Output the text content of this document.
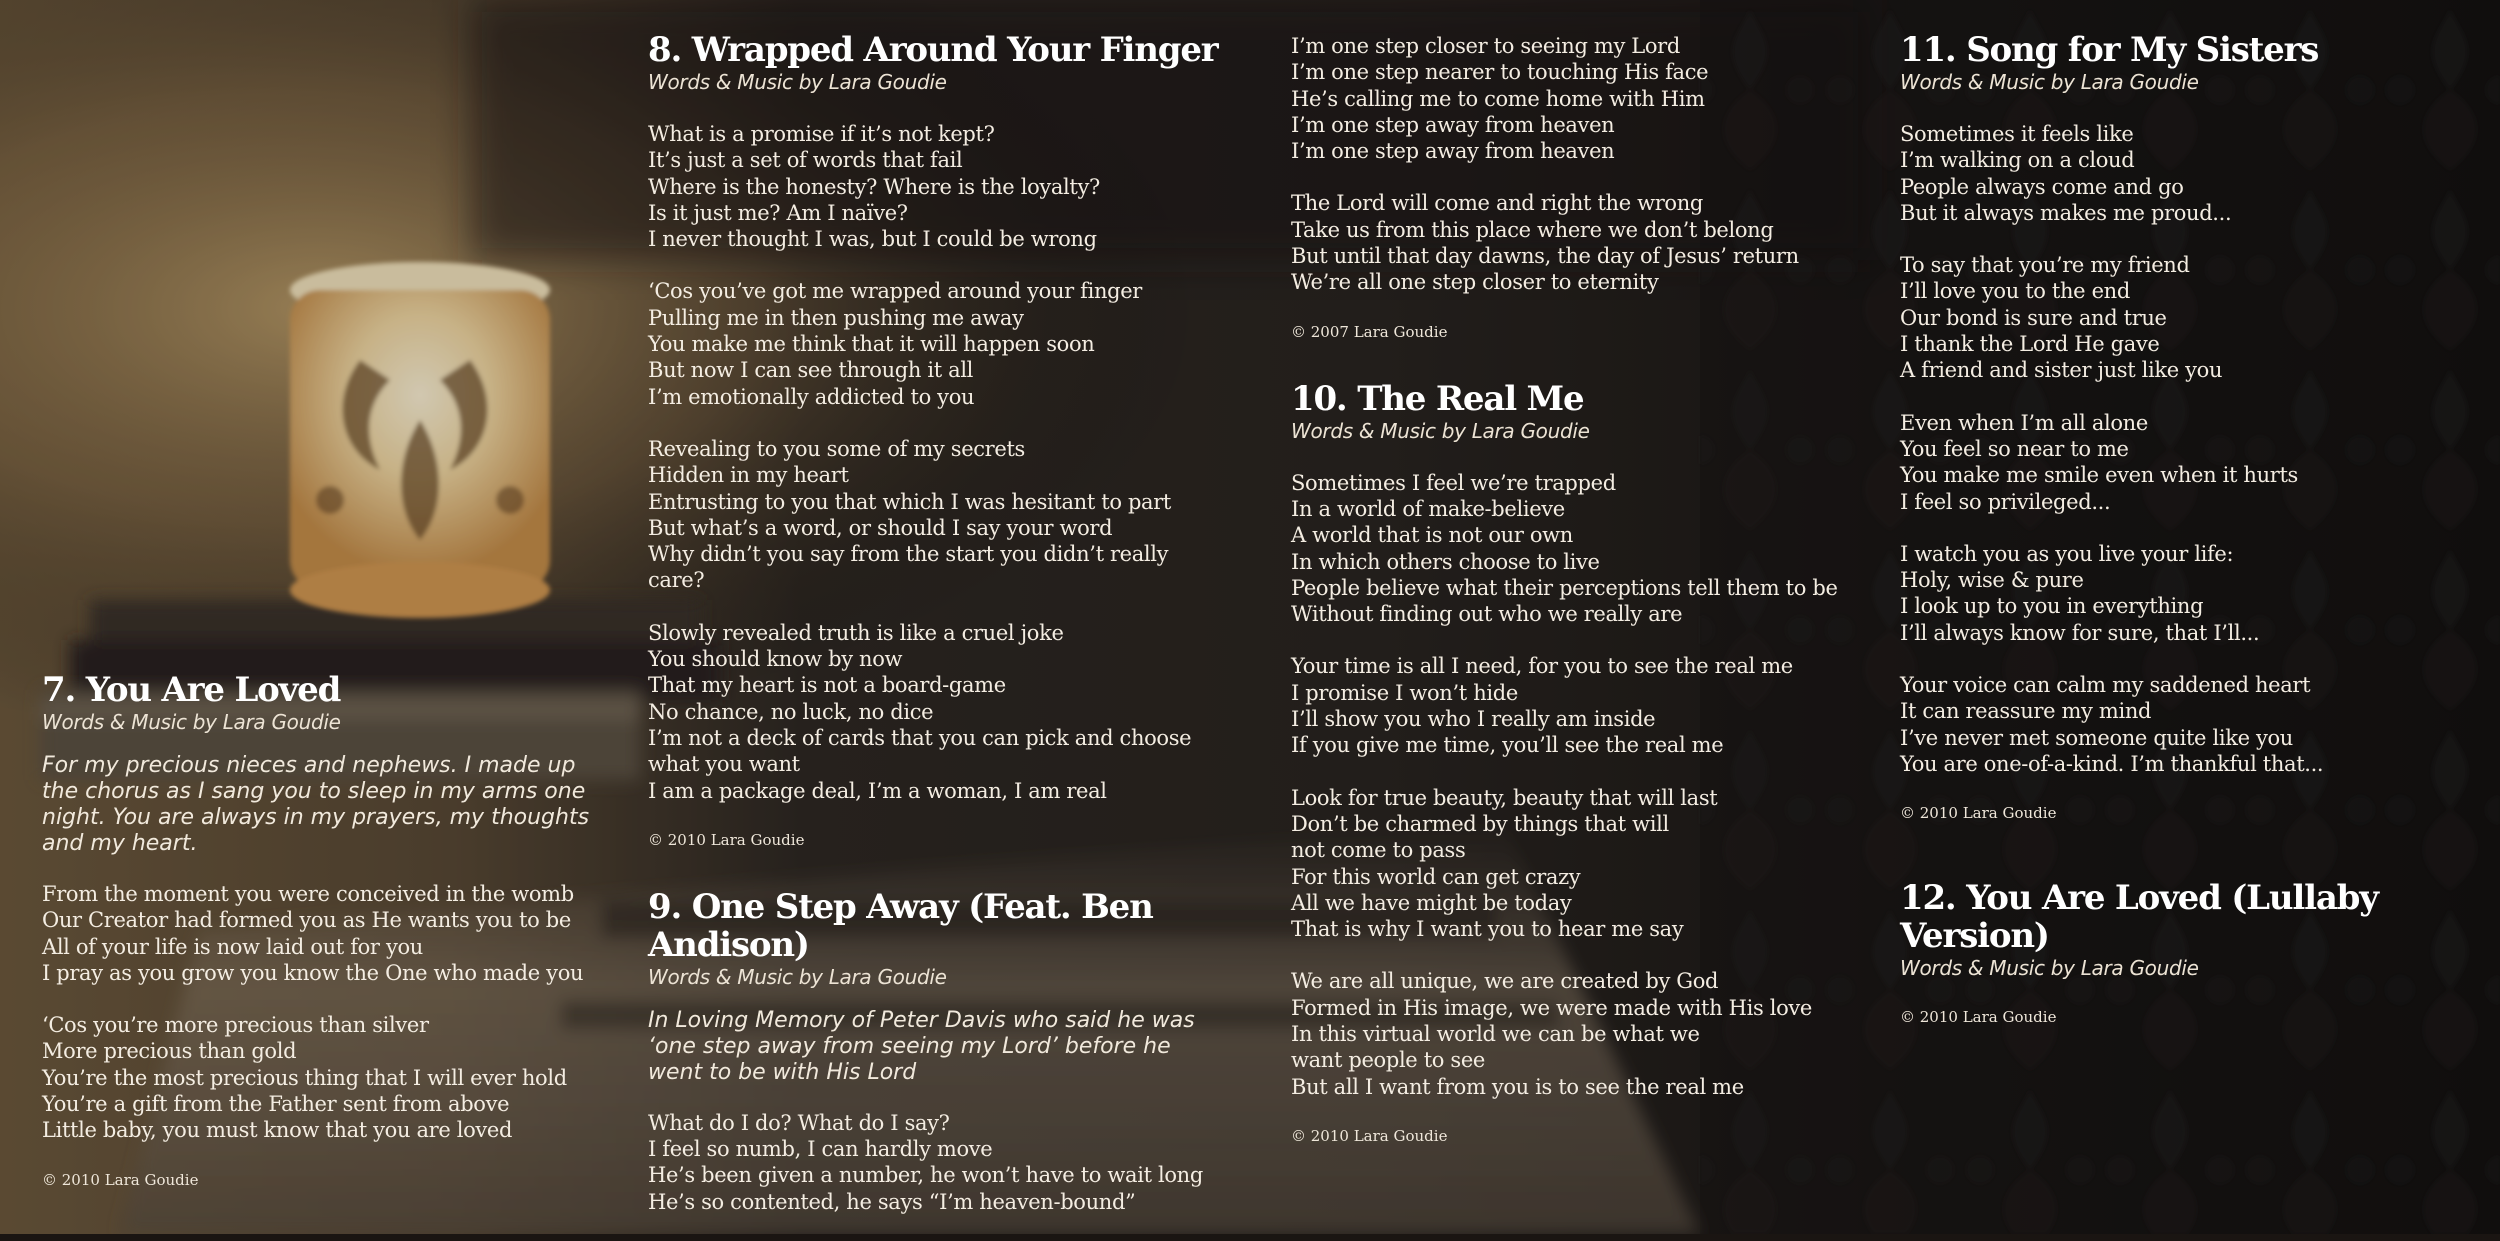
7. You Are Loved

Words & Music by Lara Goudie

For my precious nieces and nephews. I made up the chorus as I sang you to sleep in my arms one night. You are always in my prayers, my thoughts and my heart.

From the moment you were conceived in the womb
Our Creator had formed you as He wants you to be
All of your life is now laid out for you
I pray as you grow you know the One who made you
‘Cos you’re more precious than silver
More precious than gold
You’re the most precious thing that I will ever hold
You’re a gift from the Father sent from above
Little baby, you must know that you are loved

© 2010 Lara Goudie

8. Wrapped Around Your Finger

Words & Music by Lara Goudie

What is a promise if it’s not kept?
It’s just a set of words that fail
Where is the honesty? Where is the loyalty?
Is it just me? Am I naïve?
I never thought I was, but I could be wrong
‘Cos you’ve got me wrapped around your finger
Pulling me in then pushing me away
You make me think that it will happen soon
But now I can see through it all
I’m emotionally addicted to you
Revealing to you some of my secrets
Hidden in my heart
Entrusting to you that which I was hesitant to part
But what’s a word, or should I say your word
Why didn’t you say from the start you didn’t really care?
Slowly revealed truth is like a cruel joke
You should know by now
That my heart is not a board-game
No chance, no luck, no dice
I’m not a deck of cards that you can pick and choose what you want
I am a package deal, I’m a woman, I am real

© 2010 Lara Goudie

9. One Step Away (Feat. Ben Andison)

Words & Music by Lara Goudie

In Loving Memory of Peter Davis who said he was ‘one step away from seeing my Lord’ before he went to be with His Lord

What do I do? What do I say?
I feel so numb, I can hardly move
He’s been given a number, he won’t have to wait long
He’s so contented, he says “I’m heaven-bound”
I’m one step closer to seeing my Lord
I’m one step nearer to touching His face
He’s calling me to come home with Him
I’m one step away from heaven
I’m one step away from heaven
The Lord will come and right the wrong
Take us from this place where we don’t belong
But until that day dawns, the day of Jesus’ return
We’re all one step closer to eternity

© 2007 Lara Goudie

10. The Real Me

Words & Music by Lara Goudie

Sometimes I feel we’re trapped
In a world of make-believe
A world that is not our own
In which others choose to live
People believe what their perceptions tell them to be
Without finding out who we really are
Your time is all I need, for you to see the real me
I promise I won’t hide
I’ll show you who I really am inside
If you give me time, you’ll see the real me
Look for true beauty, beauty that will last
Don’t be charmed by things that will
not come to pass
For this world can get crazy
All we have might be today
That is why I want you to hear me say
We are all unique, we are created by God
Formed in His image, we were made with His love
In this virtual world we can be what we
want people to see
But all I want from you is to see the real me

© 2010 Lara Goudie

11. Song for My Sisters

Words & Music by Lara Goudie

Sometimes it feels like
I’m walking on a cloud
People always come and go
But it always makes me proud...
To say that you’re my friend
I’ll love you to the end
Our bond is sure and true
I thank the Lord He gave
A friend and sister just like you
Even when I’m all alone
You feel so near to me
You make me smile even when it hurts
I feel so privileged...
I watch you as you live your life:
Holy, wise & pure
I look up to you in everything
I’ll always know for sure, that I’ll...
Your voice can calm my saddened heart
It can reassure my mind
I’ve never met someone quite like you
You are one-of-a-kind. I’m thankful that...

© 2010 Lara Goudie

12. You Are Loved (Lullaby Version)

Words & Music by Lara Goudie

© 2010 Lara Goudie
